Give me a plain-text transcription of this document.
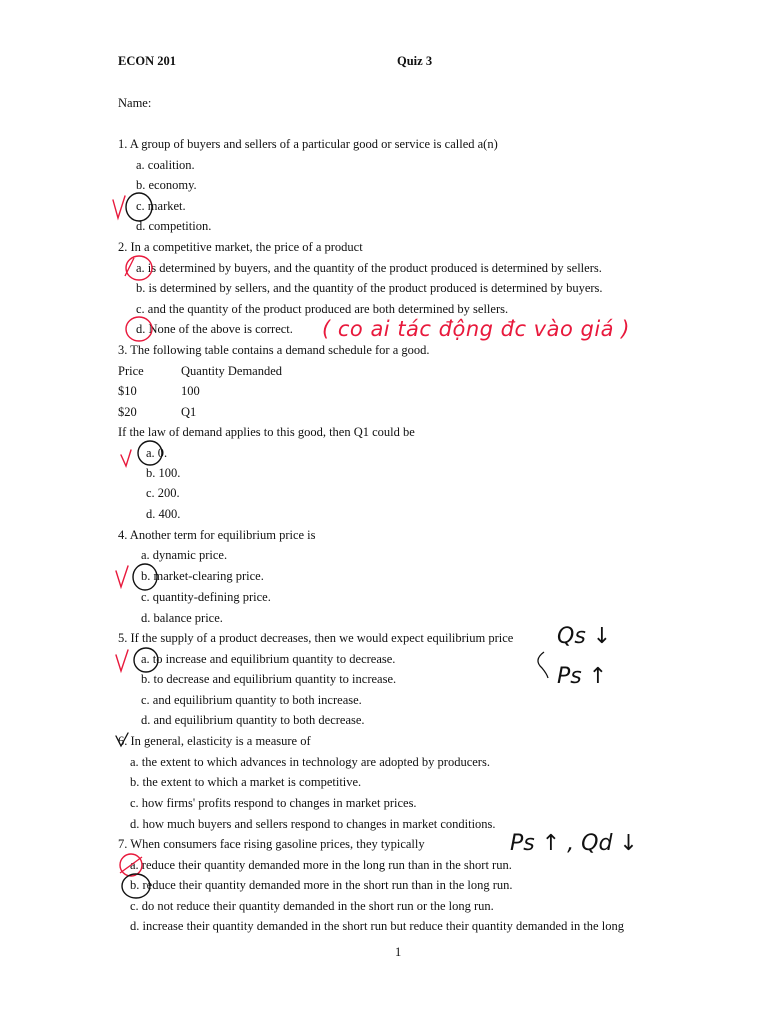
ECON 201	Quiz 3
Name:
1. A group of buyers and sellers of a particular good or service is called a(n)
a. coalition.
b. economy.
c. market.
d. competition.
2. In a competitive market, the price of a product
a. is determined by buyers, and the quantity of the product produced is determined by sellers.
b. is determined by sellers, and the quantity of the product produced is determined by buyers.
c. and the quantity of the product produced are both determined by sellers.
d. None of the above is correct.
3. The following table contains a demand schedule for a good.
Price	Quantity Demanded
$10	100
$20	Q1
If the law of demand applies to this good, then Q1 could be
a. 0.
b. 100.
c. 200.
d. 400.
4. Another term for equilibrium price is
a. dynamic price.
b. market-clearing price.
c. quantity-defining price.
d. balance price.
5. If the supply of a product decreases, then we would expect equilibrium price
a. to increase and equilibrium quantity to decrease.
b. to decrease and equilibrium quantity to increase.
c. and equilibrium quantity to both increase.
d. and equilibrium quantity to both decrease.
6. In general, elasticity is a measure of
a. the extent to which advances in technology are adopted by producers.
b. the extent to which a market is competitive.
c. how firms' profits respond to changes in market prices.
d. how much buyers and sellers respond to changes in market conditions.
7. When consumers face rising gasoline prices, they typically
a. reduce their quantity demanded more in the long run than in the short run.
b. reduce their quantity demanded more in the short run than in the long run.
c. do not reduce their quantity demanded in the short run or the long run.
d. increase their quantity demanded in the short run but reduce their quantity demanded in the long
1
( co ai tác động đc vào giá )
Qs ↓
Ps ↑
Ps ↑ , Qd ↓
